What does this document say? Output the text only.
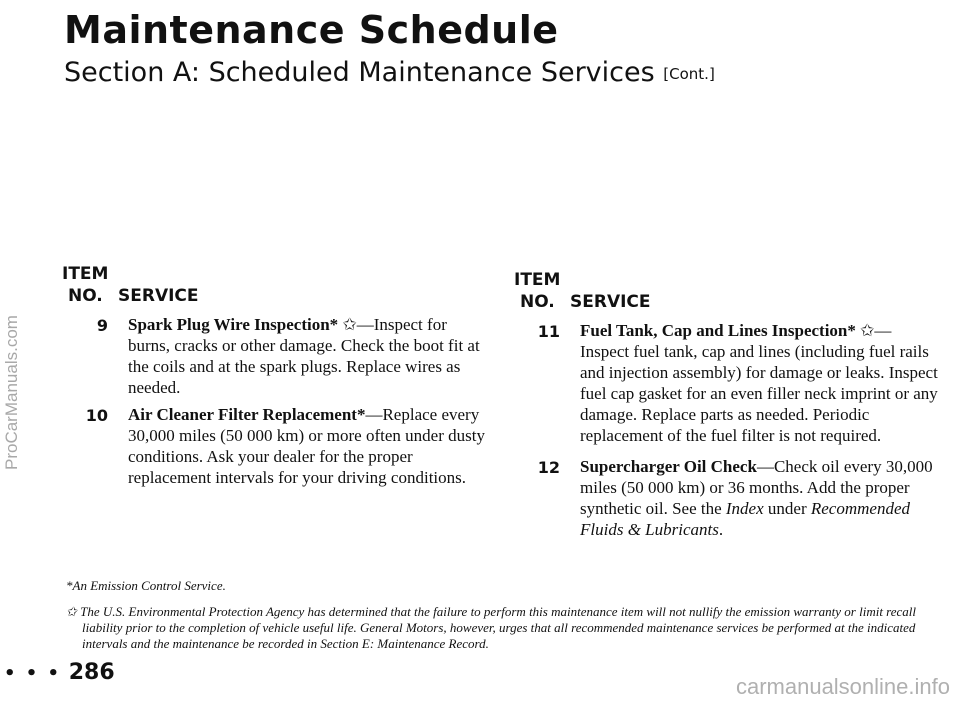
Maintenance Schedule
Section A: Scheduled Maintenance Services [Cont.]
ProCarManuals.com
ITEM
NO. SERVICE
9 Spark Plug Wire Inspection* ✩—Inspect for burns, cracks or other damage. Check the boot fit at the coils and at the spark plugs. Replace wires as needed.
10 Air Cleaner Filter Replacement*—Replace every 30,000 miles (50 000 km) or more often under dusty conditions. Ask your dealer for the proper replacement intervals for your driving conditions.
ITEM
NO. SERVICE
11 Fuel Tank, Cap and Lines Inspection* ✩— Inspect fuel tank, cap and lines (including fuel rails and injection assembly) for damage or leaks. Inspect fuel cap gasket for an even filler neck imprint or any damage. Replace parts as needed. Periodic replacement of the fuel filter is not required.
12 Supercharger Oil Check—Check oil every 30,000 miles (50 000 km) or 36 months. Add the proper synthetic oil. See the Index under Recommended Fluids & Lubricants.

*An Emission Control Service.

✩ The U.S. Environmental Protection Agency has determined that the failure to perform this maintenance item will not nullify the emission warranty or limit recall liability prior to the completion of vehicle useful life. General Motors, however, urges that all recommended maintenance services be performed at the indicated intervals and the maintenance be recorded in Section E: Maintenance Record.

• • • 286
carmanualsonline.info
